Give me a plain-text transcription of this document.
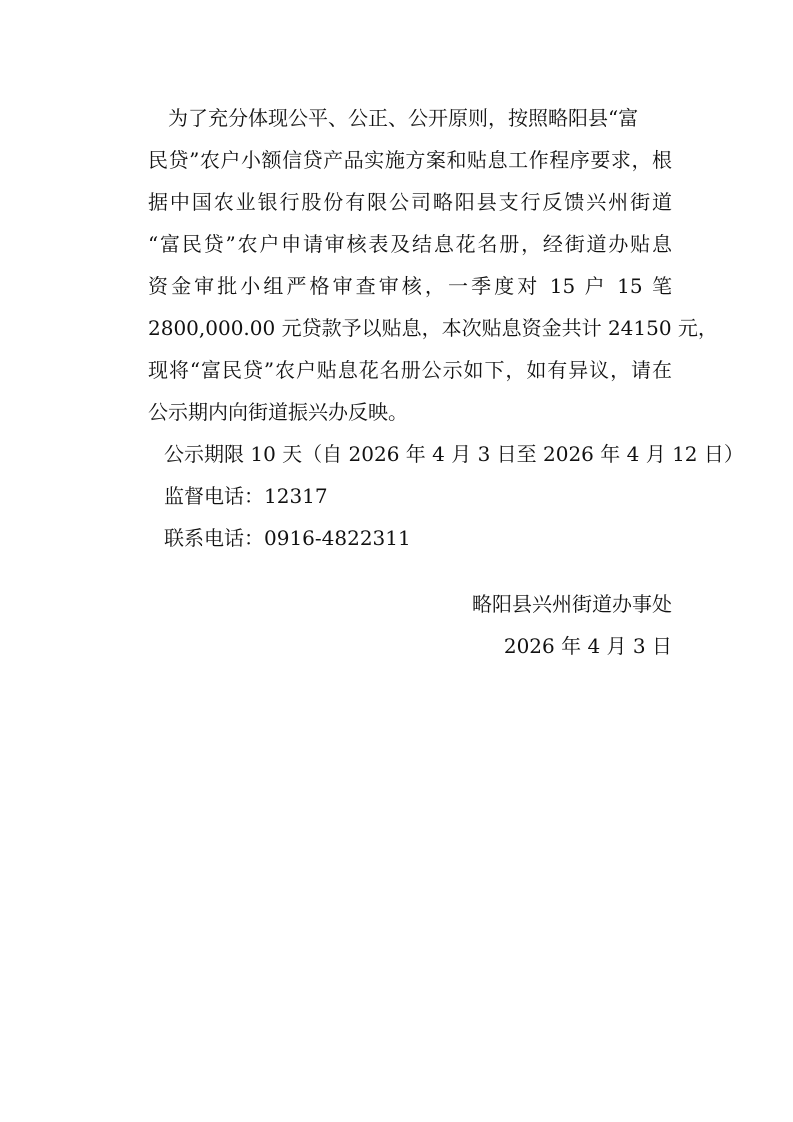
为了充分体现公平、公正、公开原则，按照略阳县“富
民贷”农户小额信贷产品实施方案和贴息工作程序要求，根
据中国农业银行股份有限公司略阳县支行反馈兴州街道
“富民贷”农户申请审核表及结息花名册，经街道办贴息
资金审批小组严格审查审核，一季度对 15 户 15 笔
2800,000.00 元贷款予以贴息，本次贴息资金共计 24150 元，
现将“富民贷”农户贴息花名册公示如下，如有异议，请在
公示期内向街道振兴办反映。
公示期限 10 天（自 2026 年 4 月 3 日至 2026 年 4 月 12 日）
监督电话：12317
联系电话：0916-4822311
略阳县兴州街道办事处
2026 年 4 月 3 日
